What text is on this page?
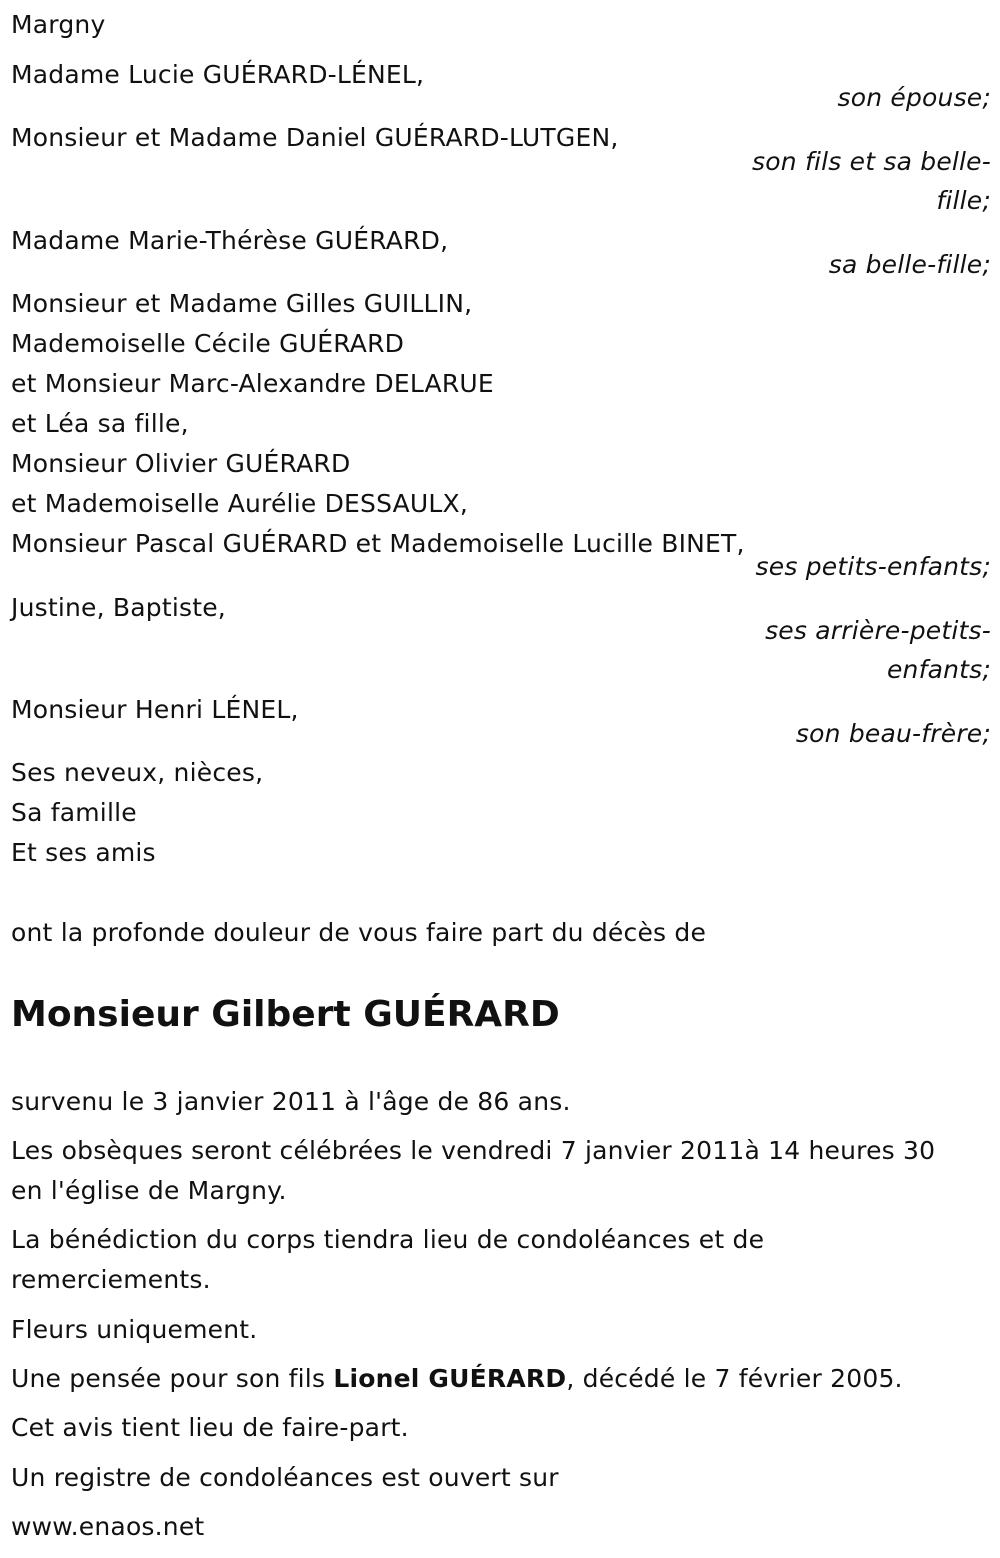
Margny
Madame Lucie GUÉRARD-LÉNEL,
son épouse;
Monsieur et Madame Daniel GUÉRARD-LUTGEN,
son fils et sa belle-
fille;
Madame Marie-Thérèse GUÉRARD,
sa belle-fille;
Monsieur et Madame Gilles GUILLIN,
Mademoiselle Cécile GUÉRARD
et Monsieur Marc-Alexandre DELARUE
et Léa sa fille,
Monsieur Olivier GUÉRARD
et Mademoiselle Aurélie DESSAULX,
Monsieur Pascal GUÉRARD et Mademoiselle Lucille BINET,
ses petits-enfants;
Justine, Baptiste,
ses arrière-petits-
enfants;
Monsieur Henri LÉNEL,
son beau-frère;
Ses neveux, nièces,
Sa famille
Et ses amis
ont la profonde douleur de vous faire part du décès de
Monsieur Gilbert GUÉRARD
survenu le 3 janvier 2011 à l'âge de 86 ans.
Les obsèques seront célébrées le vendredi 7 janvier 2011à 14 heures 30
en l'église de Margny.
La bénédiction du corps tiendra lieu de condoléances et de
remerciements.
Fleurs uniquement.
Une pensée pour son fils Lionel GUÉRARD, décédé le 7 février 2005.
Cet avis tient lieu de faire-part.
Un registre de condoléances est ouvert sur
www.enaos.net
